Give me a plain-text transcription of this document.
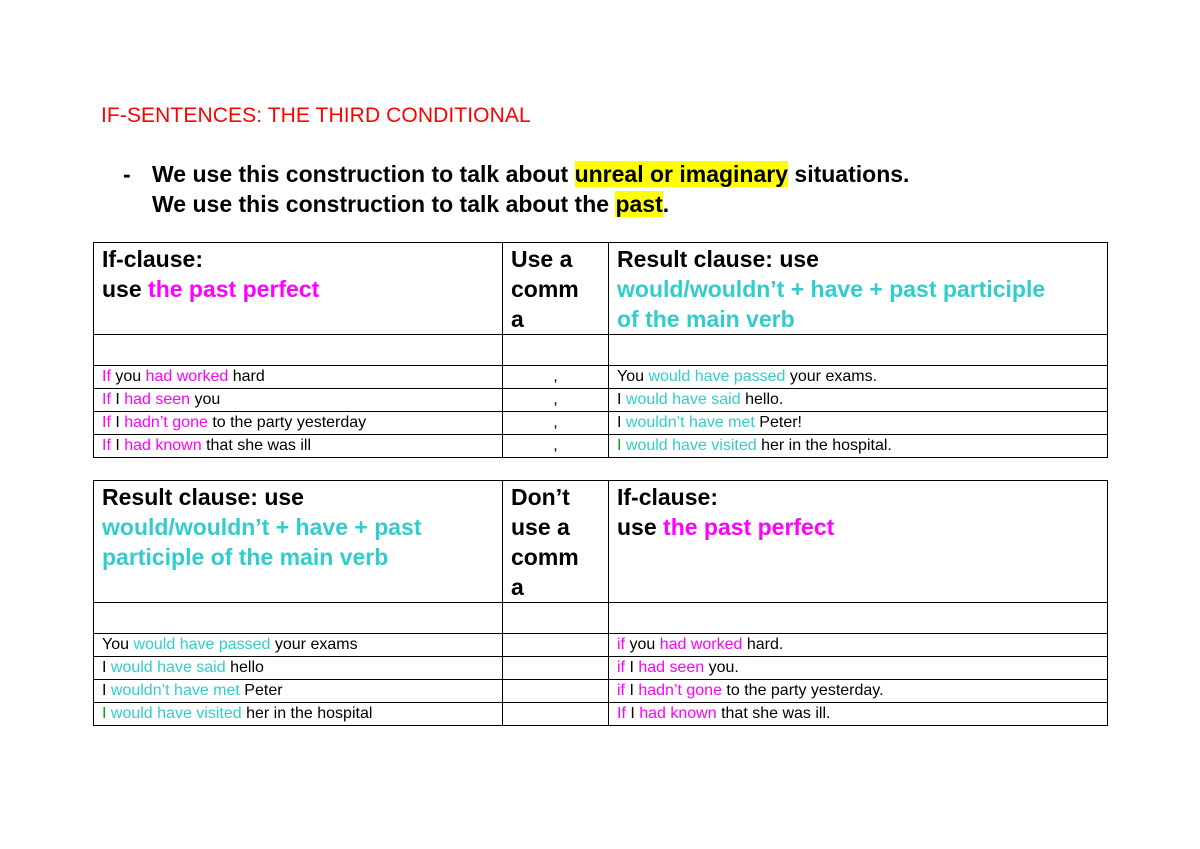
IF-SENTENCES: THE THIRD CONDITIONAL
- We use this construction to talk about unreal or imaginary situations.
We use this construction to talk about the past.
If-clause:
use the past perfect	Use a
comm
a	Result clause: use
would/wouldn’t + have + past participle
of the main verb

If you had worked hard	,	You would have passed your exams.
If I had seen you	,	I would have said hello.
If I hadn’t gone to the party yesterday	,	I wouldn’t have met Peter!
If I had known that she was ill	,	I would have visited her in the hospital.
Result clause: use
would/wouldn’t + have + past
participle of the main verb	Don’t
use a
comm
a	If-clause:
use the past perfect

You would have passed your exams		if you had worked hard.
I would have said hello		if I had seen you.
I wouldn’t have met Peter		if I hadn’t gone to the party yesterday.
I would have visited her in the hospital		If I had known that she was ill.
